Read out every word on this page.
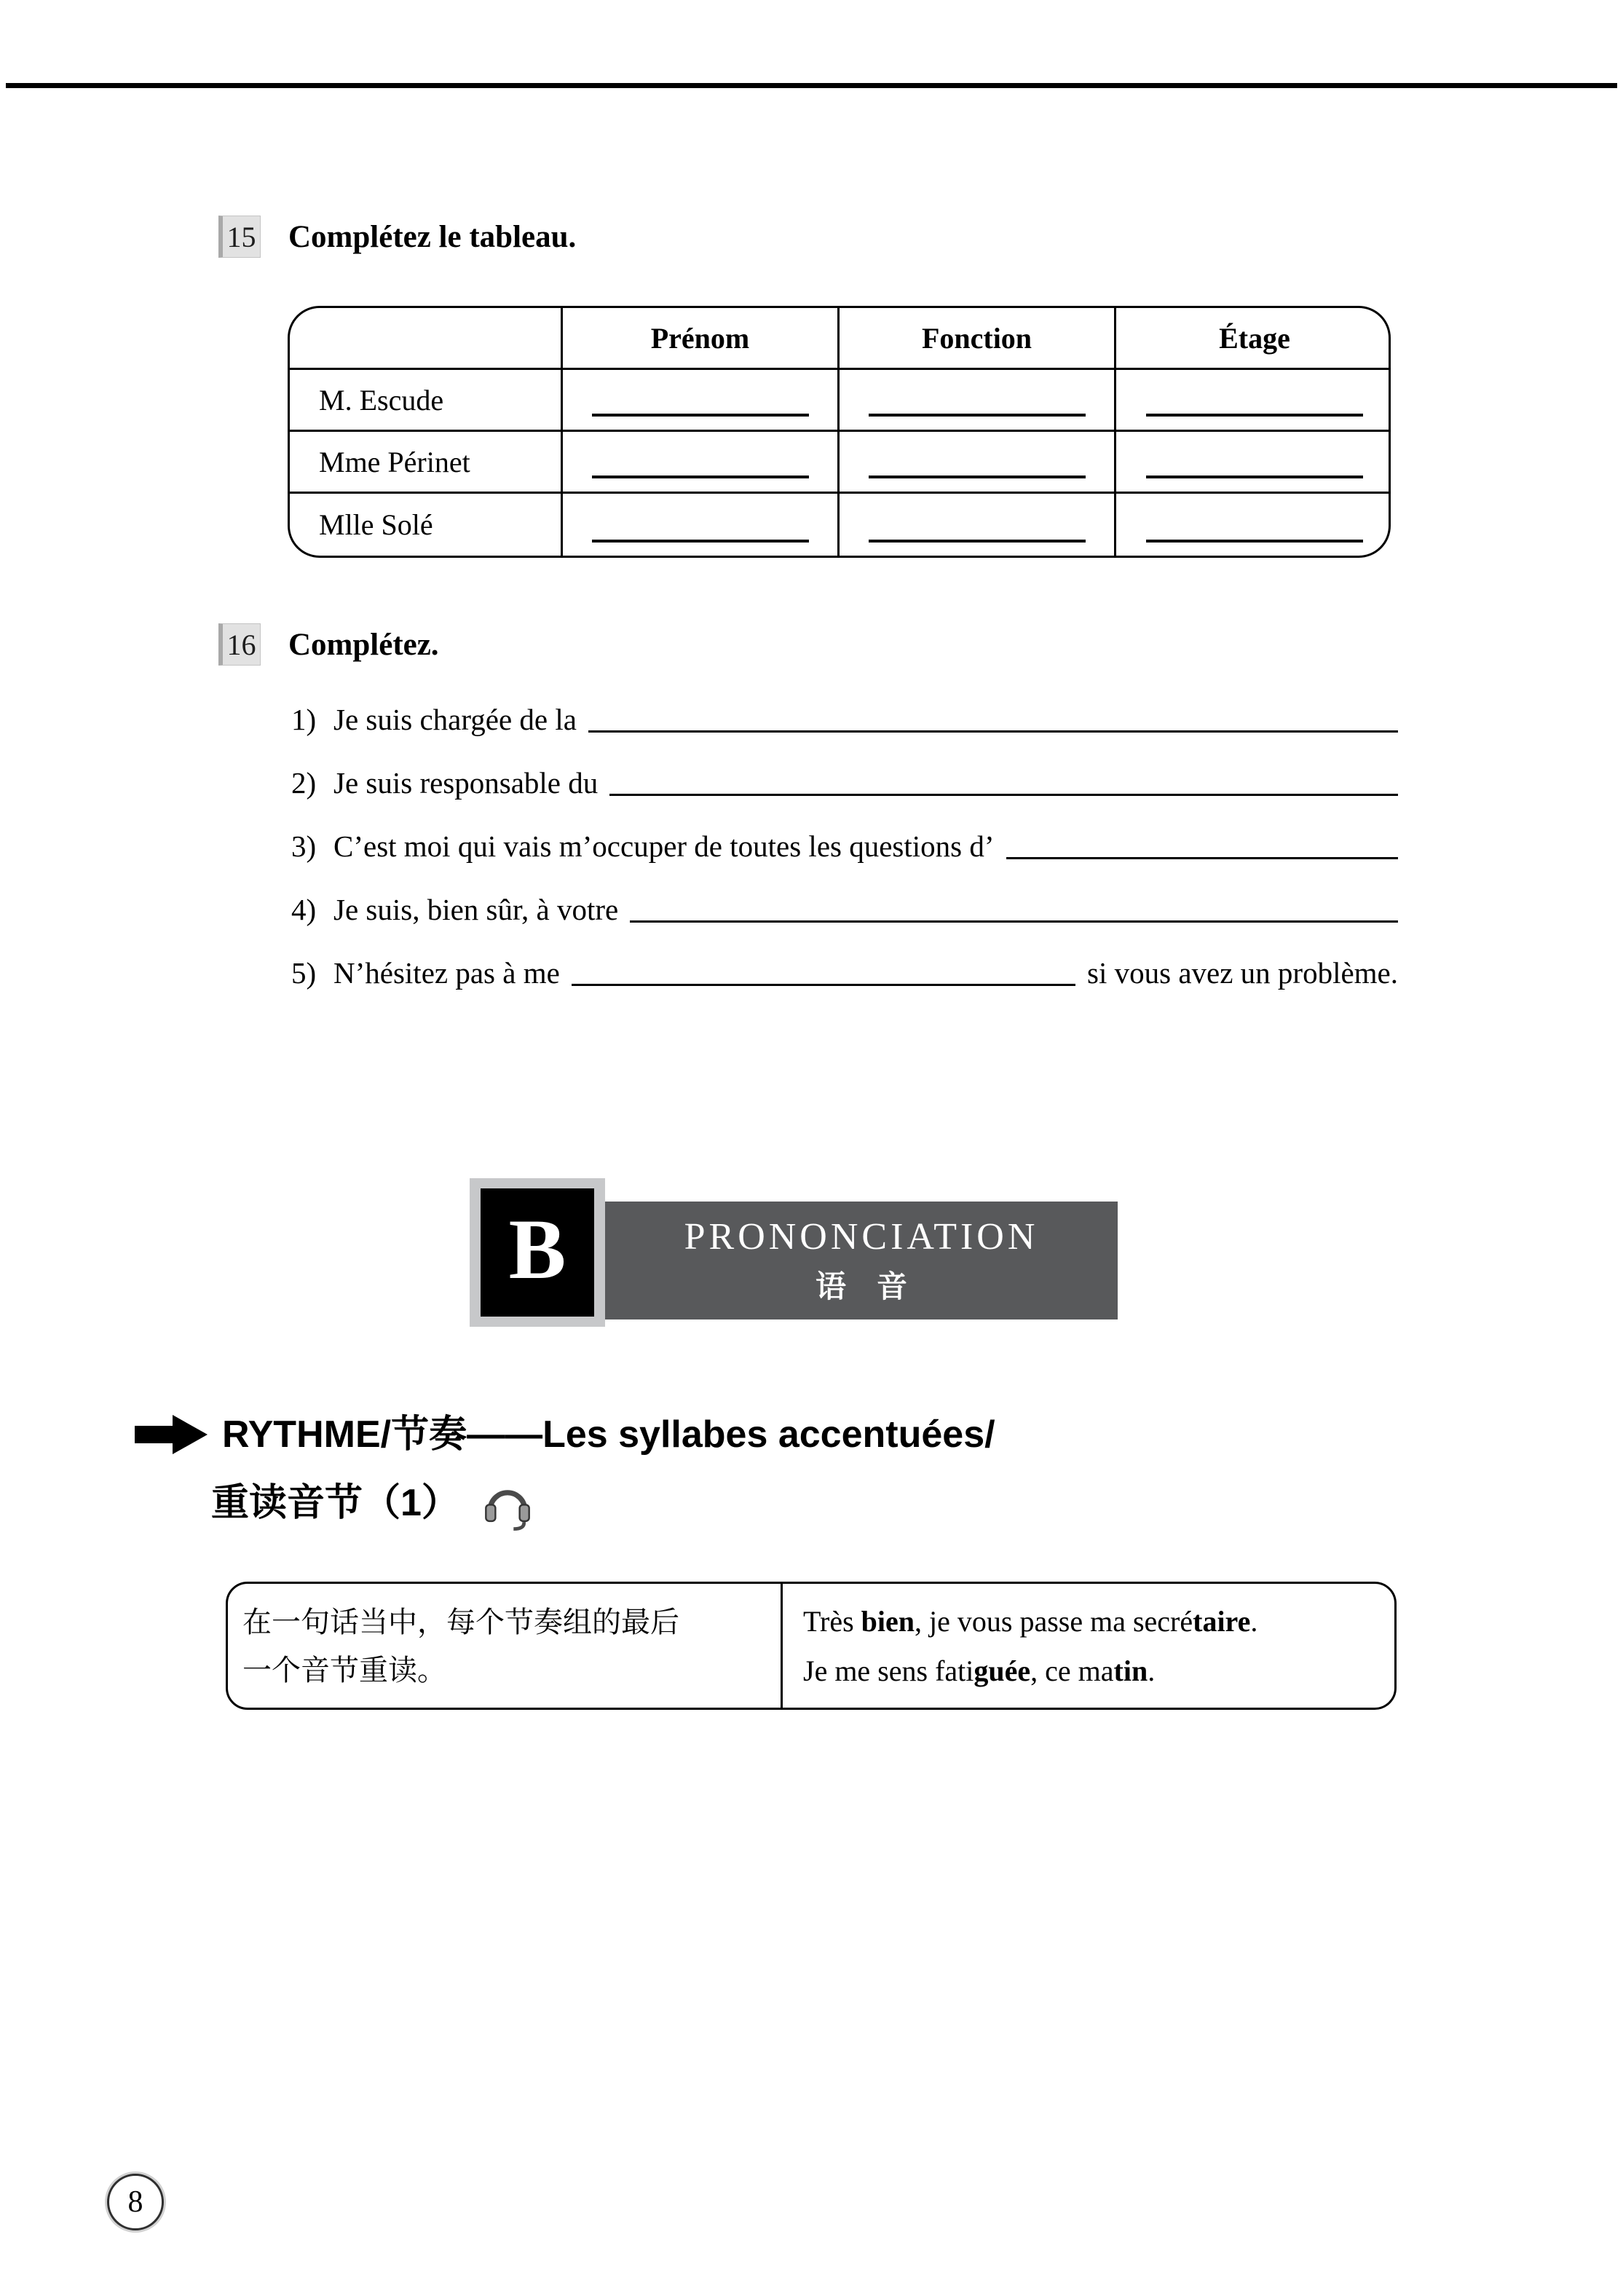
15 Complétez le tableau.
Prénom	Fonction	Étage
M. Escude
Mme Périnet
Mlle Solé
16 Complétez.
1) Je suis chargée de la
2) Je suis responsable du
3) C’est moi qui vais m’occuper de toutes les questions d’
4) Je suis, bien sûr, à votre
5) N’hésitez pas à me	si vous avez un problème.
B	PRONONCIATION
语　音
RYTHME/节奏——Les syllabes accentuées/
重读音节（1）
在一句话当中，每个节奏组的最后
一个音节重读。
Très bien, je vous passe ma secrétaire.
Je me sens fatiguée, ce matin.
8
